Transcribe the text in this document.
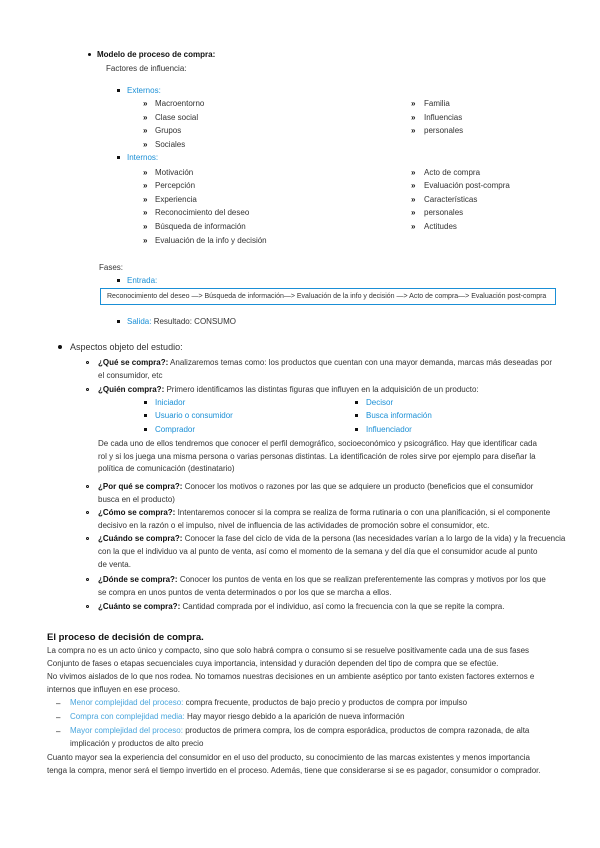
Modelo de proceso de compra:
Factores de influencia:
Externos:
» Macroentorno
» Clase social
» Grupos
» Sociales
» Familia
» Influencias
» personales
Internos:
» Motivación
» Percepción
» Experiencia
» Reconocimiento del deseo
» Búsqueda de información
» Evaluación de la info y decisión
» Acto de compra
» Evaluación post-compra
» Características
» personales
» Actitudes
Fases:
Entrada:
Reconocimiento del deseo —> Búsqueda de información—> Evaluación de la info y decisión —> Acto de compra—> Evaluación post-compra
Salida: Resultado: CONSUMO
Aspectos objeto del estudio:
¿Qué se compra?: Analizaremos temas como: los productos que cuentan con una mayor demanda, marcas más deseadas por
el consumidor, etc
¿Quién compra?: Primero identificamos las distintas figuras que influyen en la adquisición de un producto:
Iniciador
Usuario o consumidor
Comprador
Decisor
Busca información
Influenciador
De cada uno de ellos tendremos que conocer el perfil demográfico, socioeconómico y psicográfico. Hay que identificar cada
rol y si los juega una misma persona o varias personas distintas. La identificación de roles sirve por ejemplo para diseñar la
política de comunicación (destinatario)
¿Por qué se compra?: Conocer los motivos o razones por las que se adquiere un producto (beneficios que el consumidor
busca en el producto)
¿Cómo se compra?: Intentaremos conocer si la compra se realiza de forma rutinaria o con una planificación, si el componente
decisivo en la razón o el impulso, nivel de influencia de las actividades de promoción sobre el consumidor, etc.
¿Cuándo se compra?: Conocer la fase del ciclo de vida de la persona (las necesidades varían a lo largo de la vida) y la frecuencia
con la que el individuo va al punto de venta, así como el momento de la semana y del día que el consumidor acude al punto
de venta.
¿Dónde se compra?: Conocer los puntos de venta en los que se realizan preferentemente las compras y motivos por los que
se compra en unos puntos de venta determinados o por los que se marcha a ellos.
¿Cuánto se compra?: Cantidad comprada por el individuo, así como la frecuencia con la que se repite la compra.
El proceso de decisión de compra.
La compra no es un acto único y compacto, sino que solo habrá compra o consumo si se resuelve positivamente cada una de sus fases
Conjunto de fases o etapas secuenciales cuya importancia, intensidad y duración dependen del tipo de compra que se efectúe.
No vivimos aislados de lo que nos rodea. No tomamos nuestras decisiones en un ambiente aséptico por tanto existen factores externos e
internos que influyen en ese proceso.
– Menor complejidad del proceso: compra frecuente, productos de bajo precio y productos de compra por impulso
– Compra con complejidad media: Hay mayor riesgo debido a la aparición de nueva información
– Mayor complejidad del proceso: productos de primera compra, los de compra esporádica, productos de compra razonada, de alta
implicación y productos de alto precio
Cuanto mayor sea la experiencia del consumidor en el uso del producto, su conocimiento de las marcas existentes y menos importancia
tenga la compra, menor será el tiempo invertido en el proceso. Además, tiene que considerarse si se es pagador, consumidor o comprador.
